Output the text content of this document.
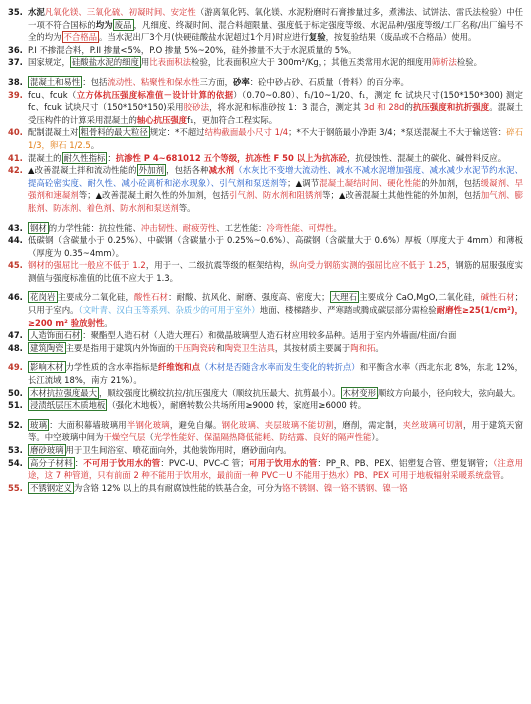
35. 水泥凡氧化镁、三氧化硫、初凝时间、安定性（游离氧化钙、氧化镁、水泥粉磨时石膏掺量过多，煮沸法、试饼法、雷氏法检验）中任一项不符合国标的均为 废品 ，凡细度、终凝时间、混合料超限量、强度低于标定强度等级、水泥品种/强度等级/工厂名称/出厂编号不全的均为 不合格品 。当水泥出厂3个月(快硬硅酸盐水泥超过1个月)时应进行复验，按复验结果（废品或不合格品）使用。
36. P.I 不掺混合料，P.II 掺量<5%，P.O 掺量 5%~20%，硅外掺量不大于水泥质量的 5%。
37. 国家规定， 硅酸盐水泥的细度 用比表面积法检验，比表面积应大于 300m²/Kg，；其他五类常用水泥的细度用筛析法检验。
38. 混凝土和易性 ：包括流动性、粘聚性和保水性三方面，砂率：砼中砂占砂、石质量（骨料）的百分率。
39. fcu、fcuk（立方体抗压强度标准值－设计计算的依据）（0.70~0.80）、f₁/10~1/20、f₁，测定 fc 试块尺寸(150*150*300) 测定 fc、fcuk 试块尺寸（150*150*150)采用胶砂法，将水泥和标准砂按 1：3 混合，测定其 3d 和 28d的抗压强度和抗折强度。混凝土受压构件的计算采用混凝土的轴心抗压强度f₁，更加符合工程实际。
40. 配制混凝土对 粗骨料的最大粒径 规定：*不超过结构截面最小尺寸 1/4；*不大于钢筋最小净距 3/4；*泵送混凝土不大于输送管：碎石 1/3，卵石 1/2.5。
41. 混凝土的 耐久性指标 ：抗渗性 P 4~681012 五个等级，抗冻性 F 50 以上为抗冻砼，抗侵蚀性、混凝土的碳化、碱骨料反应。
42. ▲改善混凝土拌和流动性能的 外加剂 ，包括各种减水剂（水灰比不变增大流动性、减水不减水泥增加强度、减水减少水泥节约水泥、提高砼密实度、耐久性、减小砼离析和泌水现象）、引气剂和泵送剂等；▲调节混凝土凝结时间、硬化性能的外加剂，包括缓凝剂、早强剂和速凝剂等；▲改善混凝土耐久性的外加剂，包括引气剂、防水剂和阻锈剂等；▲改善混凝土其他性能的外加剂，包括加气剂、膨胀剂、防冻剂、着色剂、防水剂和泵送剂等。
43. 钢材 的力学性能：抗拉性能、冲击韧性、耐疲劳性、工艺性能：冷弯性能、可焊性。
44. 低碳钢（含碳量小于 0.25%）、中碳钢（含碳量小于 0.25%~0.6%）、高碳钢（含碳量大于 0.6%）厚板（厚度大于 4mm）和薄板（厚度为 0.35~4mm）。
45. 钢材的强屈比一般应不低于 1.2，用于一、二级抗震等级的框架结构，纵向受力钢筋实测的强屈比应不低于 1.25，钢筋的屈服强度实测值与强度标准值的比值不应大于 1.3。
46. 花岗岩 主要成分二氧化硅，酸性石材：耐酸、抗风化、耐磨、强度高、密度大； 大理石 主要成分 CaO,MgO,二氧化硅，碱性石材；只用于室内。（文叶青、汉白玉等系列、杂质少的可用于室外）地面、楼梯踏步、严寒踏或腾成碳层部分需检验耐磨性≥25(1/cm²)，≥200 m² 验放射性。
47. 人造饰面石材 ：聚酯型人造石材（人造大理石）和微晶玻璃型人造石材应用较多品种。适用于室内外墙面/柱面/台面
48. 建筑陶瓷 主要是指用于建筑内外饰面的干压陶瓷砖和陶瓷卫生洁具，其按材质主要属于陶和拓。
49. 影响木材 力学性质的含水率指标是纤维饱和点（木材是否随含水率而发生变化的转折点）和平衡含水率（西北东北 8%，东北 12%，长江流域 18%，南方 21%）。
50. 木材抗拉强度最大 ，顺纹强度比横纹抗拉/抗压强度大（顺纹抗压最大、抗剪最小）。 木材变形 顺纹方向最小，径向较大，弦向最大。
51. 浸渍纸层压木质地板 （强化木地板），耐磨转数公共场所用≥9000 转，家庭用≥6000 转。
52. 玻璃 ：大面积幕墙玻璃用半钢化玻璃，避免自爆。钢化玻璃、夹层玻璃不能切割，磨削，需定制，夹丝玻璃可切割，用于建筑天窗等。中空玻璃中间为干燥空气层（光学性能好、保温隔热降低能耗、防结露、良好的隔声性能）。
53. 磨砂玻璃 用于卫生间浴室、喷花面向外，其他装饰用时，磨砂面向内。
54. 高分子材料 ：不可用于饮用水的管：PVC-U、PVC-C 管；可用于饮用水的管：PP_R、PB、PEX、铝塑复合管、塑复钢管；（注意用途，这 7 种管道，只有前面 2 种不能用于饮用水，最前面一种 PVC－U 不能用于热水）PB、PEX 可用于地板辐射采暖系统盘管。
55. 不锈钢定义 为含铬 12% 以上的具有耐腐蚀性能的铁基合金，可分为铬不锈钢、镍一铬不锈钢、镍一铬
